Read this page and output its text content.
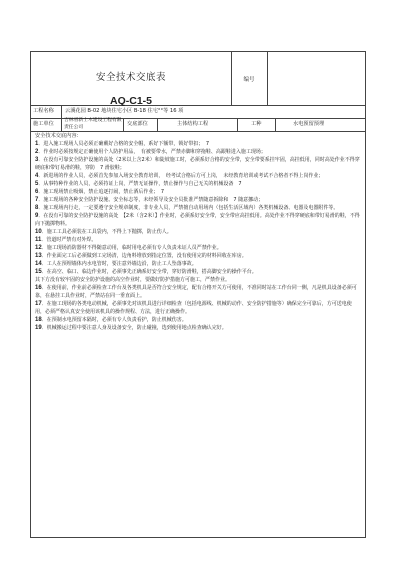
安全技术交底表
AQ-C1-5
编号
工程名称 云溪花园 B-02 地块住宅小区 B-18 住宅°°等 16 项
施工单位
吉林省新士木建设工程有限责任公司	交底部位	主体结构工程	工种	水电预留预埋
安全技术交底内容：
1．进入施工现场人员必须正确戴好合格的安全帽，系好下额带，锁好带扣；　7
2．作业时必须按规定正确使用个人防护用品，　有被要带水，严禁赤脚和穿拖鞋、高跟鞋进入施工现场；
3．在没有可靠安全防护设施的高处（2米以上含2米）和陡坡施工时，必须系好合格的安全带，安全带要系挂牢固，高挂低用，同时高处作业不得穿硬底和带钉易滑的鞋，穿防　7 滑胶鞋；
4．新进场的作业人员，必须首先参加入场安全教育培训，　经考试合格后方可上岗，　未经教育培训或考试不合格者不得上岗作业；
5．从事特种作业的人员，必须持证上岗，严禁无证操作，禁止操作与自己无关的机械设备　7
6．施工现场禁止吸烟，禁止追逐打闹，禁止酒后作业；　7
7．施工现场的各种安全防护设施、安全标志等，未经领导及安全员批准严禁随意拆除和　7 随意挪动；
8．施工现场内行走，一定要遵守安全规章制度，非专业人员，严禁擅自动用场内（包括生活区域内）各类机械设备、电器及电器附件等。
9．在没有可靠的安全防护设施的高处　【2米（含2米）】作业时，必须系好安全带，安全带应高挂低用。高处作业不得穿硬底和带钉易滑的鞋，不得向下抛掷物料。
10．施工工具必须装在工具袋内，不得上下抛掷，防止伤人。
11．管道时严禁有对外焊。
12．施工现场消防器材不得随意动用，临时用电必须有专人负责未证人员严禁作业。
13．作业面完工后必须做到工完场清，边角料堆放到指定位置，没有使用完的材料回收在库房。
14．工人在预埋墙体内水电管时，要注意外墙边沿，防止工人坠落事故。
15．在高空、临口、临边作业时，必须事先正确系好安全带，穿好防滑鞋，搭高脚安全的操作平台。
其下方没有较牢固的安全防护设施的高空作业时，要做好防护措施方可施工，严禁作业。
16．在使用前，作业前必须检查工作台及各类机具是否符合安全规定，配有合格开关方可使用，不准同时站在工作台同一侧，凡是机具设备必须可靠，在悬挂工具作业时，严禁站在同一垂直面上。
17．在施工现场的各类电动机械，必须事先对该机具进行详细检查（包括电源线、机械的动作、安全防护措施等）确保完全可靠后，方可送电使用，必须严格认真安全使用该机具的操作规程、方法，进行正确操作。
18．在预制水电预留本隔时，必须有专人负责看护，防止机械伤害。
19．机械搬运过程中要注意人身及设备安全，防止碰撞，选到使用地点检查确认完好。
